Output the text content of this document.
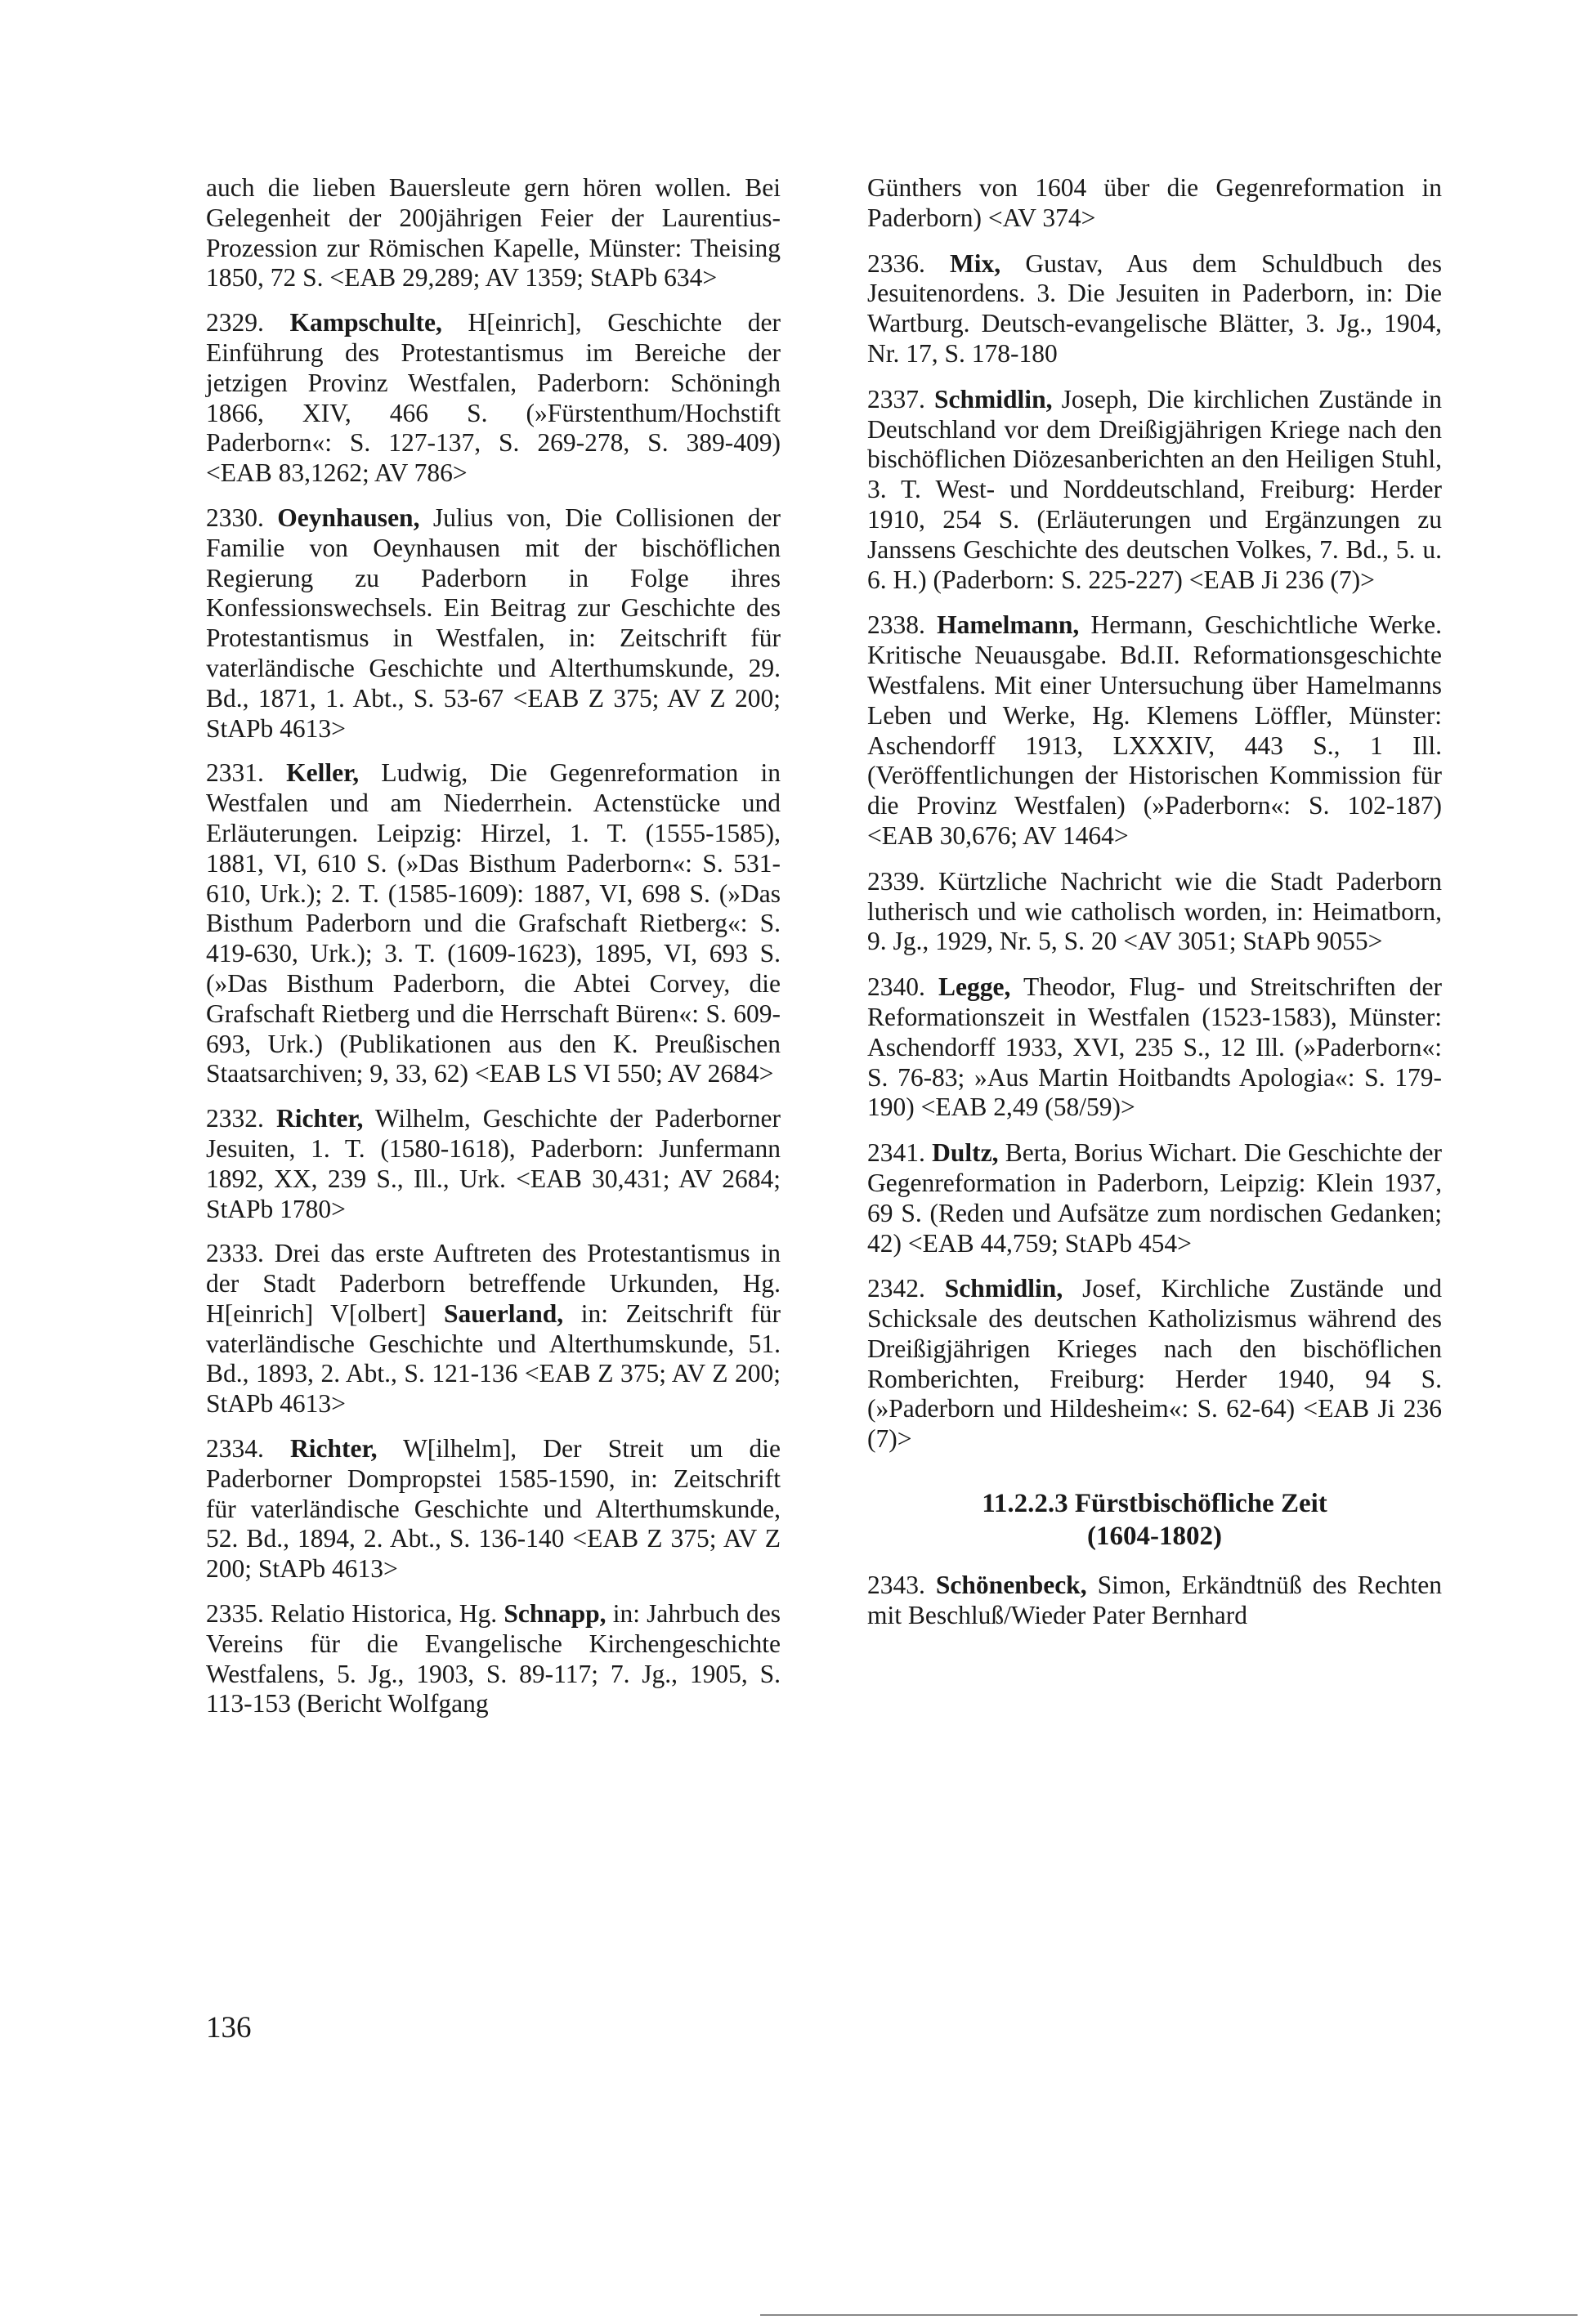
auch die lieben Bauersleute gern hören wollen. Bei Gelegenheit der 200jährigen Feier der Laurentius-Prozession zur Römischen Kapelle, Münster: Theising 1850, 72 S. <EAB 29,289; AV 1359; StAPb 634>

2329. Kampschulte, H[einrich], Geschichte der Einführung des Protestantismus im Bereiche der jetzigen Provinz Westfalen, Paderborn: Schöningh 1866, XIV, 466 S. (»Fürstenthum/Hochstift Paderborn«: S. 127-137, S. 269-278, S. 389-409) <EAB 83,1262; AV 786>

2330. Oeynhausen, Julius von, Die Collisionen der Familie von Oeynhausen mit der bischöflichen Regierung zu Paderborn in Folge ihres Konfessionswechsels. Ein Beitrag zur Geschichte des Protestantismus in Westfalen, in: Zeitschrift für vaterländische Geschichte und Alterthumskunde, 29. Bd., 1871, 1. Abt., S. 53-67 <EAB Z 375; AV Z 200; StAPb 4613>

2331. Keller, Ludwig, Die Gegenreformation in Westfalen und am Niederrhein. Actenstücke und Erläuterungen. Leipzig: Hirzel, 1. T. (1555-1585), 1881, VI, 610 S. (»Das Bisthum Paderborn«: S. 531-610, Urk.); 2. T. (1585-1609): 1887, VI, 698 S. (»Das Bisthum Paderborn und die Grafschaft Rietberg«: S. 419-630, Urk.); 3. T. (1609-1623), 1895, VI, 693 S. (»Das Bisthum Paderborn, die Abtei Corvey, die Grafschaft Rietberg und die Herrschaft Büren«: S. 609-693, Urk.) (Publikationen aus den K. Preußischen Staatsarchiven; 9, 33, 62) <EAB LS VI 550; AV 2684>

2332. Richter, Wilhelm, Geschichte der Paderborner Jesuiten, 1. T. (1580-1618), Paderborn: Junfermann 1892, XX, 239 S., Ill., Urk. <EAB 30,431; AV 2684; StAPb 1780>

2333. Drei das erste Auftreten des Protestantismus in der Stadt Paderborn betreffende Urkunden, Hg. H[einrich] V[olbert] Sauerland, in: Zeitschrift für vaterländische Geschichte und Alterthumskunde, 51. Bd., 1893, 2. Abt., S. 121-136 <EAB Z 375; AV Z 200; StAPb 4613>

2334. Richter, W[ilhelm], Der Streit um die Paderborner Dompropstei 1585-1590, in: Zeitschrift für vaterländische Geschichte und Alterthumskunde, 52. Bd., 1894, 2. Abt., S. 136-140 <EAB Z 375; AV Z 200; StAPb 4613>

2335. Relatio Historica, Hg. Schnapp, in: Jahrbuch des Vereins für die Evangelische Kirchengeschichte Westfalens, 5. Jg., 1903, S. 89-117; 7. Jg., 1905, S. 113-153 (Bericht Wolfgang

Günthers von 1604 über die Gegenreformation in Paderborn) <AV 374>

2336. Mix, Gustav, Aus dem Schuldbuch des Jesuitenordens. 3. Die Jesuiten in Paderborn, in: Die Wartburg. Deutsch-evangelische Blätter, 3. Jg., 1904, Nr. 17, S. 178-180

2337. Schmidlin, Joseph, Die kirchlichen Zustände in Deutschland vor dem Dreißigjährigen Kriege nach den bischöflichen Diözesanberichten an den Heiligen Stuhl, 3. T. West- und Norddeutschland, Freiburg: Herder 1910, 254 S. (Erläuterungen und Ergänzungen zu Janssens Geschichte des deutschen Volkes, 7. Bd., 5. u. 6. H.) (Paderborn: S. 225-227) <EAB Ji 236 (7)>

2338. Hamelmann, Hermann, Geschichtliche Werke. Kritische Neuausgabe. Bd.II. Reformationsgeschichte Westfalens. Mit einer Untersuchung über Hamelmanns Leben und Werke, Hg. Klemens Löffler, Münster: Aschendorff 1913, LXXXIV, 443 S., 1 Ill. (Veröffentlichungen der Historischen Kommission für die Provinz Westfalen) (»Paderborn«: S. 102-187) <EAB 30,676; AV 1464>

2339. Kürtzliche Nachricht wie die Stadt Paderborn lutherisch und wie catholisch worden, in: Heimatborn, 9. Jg., 1929, Nr. 5, S. 20 <AV 3051; StAPb 9055>

2340. Legge, Theodor, Flug- und Streitschriften der Reformationszeit in Westfalen (1523-1583), Münster: Aschendorff 1933, XVI, 235 S., 12 Ill. (»Paderborn«: S. 76-83; »Aus Martin Hoitbandts Apologia«: S. 179-190) <EAB 2,49 (58/59)>

2341. Dultz, Berta, Borius Wichart. Die Geschichte der Gegenreformation in Paderborn, Leipzig: Klein 1937, 69 S. (Reden und Aufsätze zum nordischen Gedanken; 42) <EAB 44,759; StAPb 454>

2342. Schmidlin, Josef, Kirchliche Zustände und Schicksale des deutschen Katholizismus während des Dreißigjährigen Krieges nach den bischöflichen Romberichten, Freiburg: Herder 1940, 94 S. (»Paderborn und Hildesheim«: S. 62-64) <EAB Ji 236 (7)>

11.2.2.3 Fürstbischöfliche Zeit
(1604-1802)

2343. Schönenbeck, Simon, Erkändtnüß des Rechten mit Beschluß/Wieder Pater Bernhard

136
